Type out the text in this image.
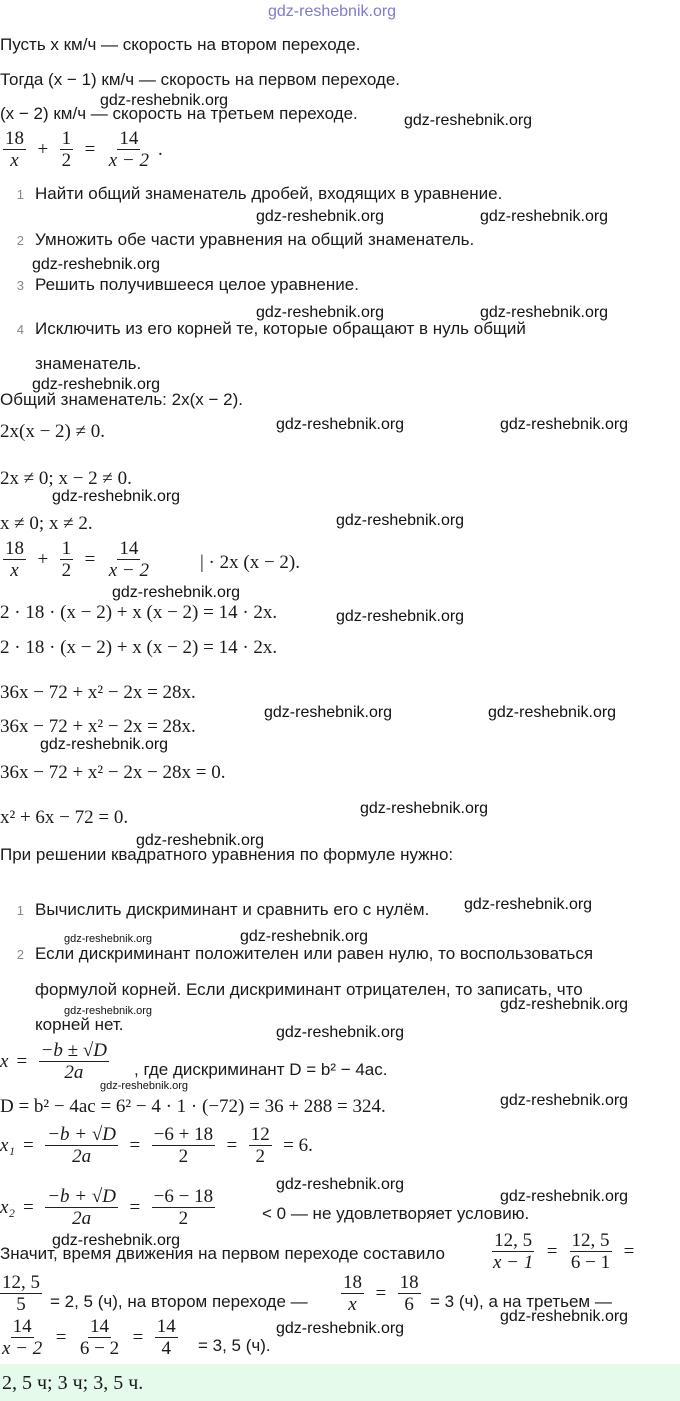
gdz-reshebnik.org
Пусть x км/ч — скорость на втором переходе.
Тогда (x − 1) км/ч — скорость на первом переходе.
(x − 2) км/ч — скорость на третьем переходе.
$\frac{18}{x} + \frac{1}{2} = \frac{14}{x - 2}$ .
1 Найти общий знаменатель дробей, входящих в уравнение.
2 Умножить обе части уравнения на общий знаменатель.
3 Решить получившееся целое уравнение.
4 Исключить из его корней те, которые обращают в нуль общий
знаменатель.
Общий знаменатель: 2x(x − 2).
2x(x − 2) ≠ 0.
2x ≠ 0; x − 2 ≠ 0.
x ≠ 0; x ≠ 2.
$\frac{18}{x} + \frac{1}{2} = \frac{14}{x - 2}$	| · 2x (x − 2).
2 · 18 · (x − 2) + x (x − 2) = 14 · 2x.
2 · 18 · (x − 2) + x (x − 2) = 14 · 2x.
36x − 72 + x² − 2x = 28x.
36x − 72 + x² − 2x = 28x.
36x − 72 + x² − 2x − 28x = 0.
x² + 6x − 72 = 0.
При решении квадратного уравнения по формуле нужно:
1 Вычислить дискриминант и сравнить его с нулём.
2 Если дискриминант положителен или равен нулю, то воспользоваться
формулой корней. Если дискриминант отрицателен, то записать, что
корней нет.
$x = \frac{-b \pm √D}{2a}$ , где дискриминант D = b² − 4ac.
D = b² − 4ac = 6² − 4 · 1 · (−72) = 36 + 288 = 324.
$x_1 = \frac{-b + √D}{2a} = \frac{-6 + 18}{2} = \frac{12}{2} = 6$.
$x_2 = \frac{-b + √D}{2a} = \frac{-6 - 18}{2}$	< 0 — не удовлетворяет условию.
Значит, время движения на первом переходе составило $\frac{12, 5}{x - 1} = \frac{12, 5}{6 - 1}$ =
$\frac{12, 5}{5} = 2$, 5 (ч), на втором переходе — $\frac{18}{x} = \frac{18}{6} = 3$ (ч), а на третьем —
$\frac{14}{x - 2} = \frac{14}{6 - 2} = \frac{14}{4} = 3$, 5 (ч).
2, 5 ч; 3 ч; 3, 5 ч.
gdz-reshebnik.org
gdz-reshebnik.org
gdz-reshebnik.org	gdz-reshebnik.org
gdz-reshebnik.org
gdz-reshebnik.org	gdz-reshebnik.org
gdz-reshebnik.org
gdz-reshebnik.org	gdz-reshebnik.org
gdz-reshebnik.org
gdz-reshebnik.org
gdz-reshebnik.org
gdz-reshebnik.org
gdz-reshebnik.org	gdz-reshebnik.org
gdz-reshebnik.org
gdz-reshebnik.org
gdz-reshebnik.org
gdz-reshebnik.org
gdz-reshebnik.org	gdz-reshebnik.org
gdz-reshebnik.org
gdz-reshebnik.org
gdz-reshebnik.org
gdz-reshebnik.org
gdz-reshebnik.org
gdz-reshebnik.org
gdz-reshebnik.org
gdz-reshebnik.org
gdz-reshebnik.org
gdz-reshebnik.org
